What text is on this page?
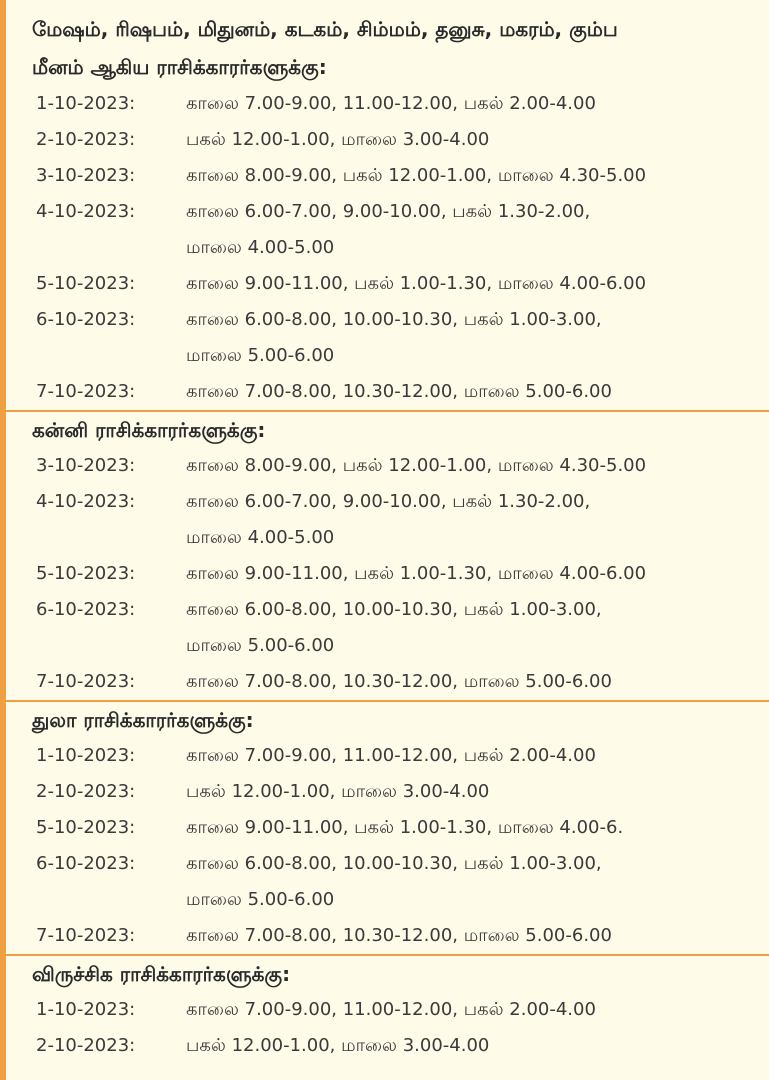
மேஷம், ரிஷபம், மிதுனம், கடகம், சிம்மம், தனுசு, மகரம், கும்ப
மீனம் ஆகிய ராசிக்காரர்களுக்கு:
1-10-2023:	காலை 7.00-9.00, 11.00-12.00, பகல் 2.00-4.00
2-10-2023:	பகல் 12.00-1.00, மாலை 3.00-4.00
3-10-2023:	காலை 8.00-9.00, பகல் 12.00-1.00, மாலை 4.30-5.00
4-10-2023:	காலை 6.00-7.00, 9.00-10.00, பகல் 1.30-2.00,
மாலை 4.00-5.00
5-10-2023:	காலை 9.00-11.00, பகல் 1.00-1.30, மாலை 4.00-6.00
6-10-2023:	காலை 6.00-8.00, 10.00-10.30, பகல் 1.00-3.00,
மாலை 5.00-6.00
7-10-2023:	காலை 7.00-8.00, 10.30-12.00, மாலை 5.00-6.00
கன்னி ராசிக்காரர்களுக்கு:
3-10-2023:	காலை 8.00-9.00, பகல் 12.00-1.00, மாலை 4.30-5.00
4-10-2023:	காலை 6.00-7.00, 9.00-10.00, பகல் 1.30-2.00,
மாலை 4.00-5.00
5-10-2023:	காலை 9.00-11.00, பகல் 1.00-1.30, மாலை 4.00-6.00
6-10-2023:	காலை 6.00-8.00, 10.00-10.30, பகல் 1.00-3.00,
மாலை 5.00-6.00
7-10-2023:	காலை 7.00-8.00, 10.30-12.00, மாலை 5.00-6.00
துலா ராசிக்காரர்களுக்கு:
1-10-2023:	காலை 7.00-9.00, 11.00-12.00, பகல் 2.00-4.00
2-10-2023:	பகல் 12.00-1.00, மாலை 3.00-4.00
5-10-2023:	காலை 9.00-11.00, பகல் 1.00-1.30, மாலை 4.00-6.
6-10-2023:	காலை 6.00-8.00, 10.00-10.30, பகல் 1.00-3.00,
மாலை 5.00-6.00
7-10-2023:	காலை 7.00-8.00, 10.30-12.00, மாலை 5.00-6.00
விருச்சிக ராசிக்காரர்களுக்கு:
1-10-2023:	காலை 7.00-9.00, 11.00-12.00, பகல் 2.00-4.00
2-10-2023:	பகல் 12.00-1.00, மாலை 3.00-4.00
